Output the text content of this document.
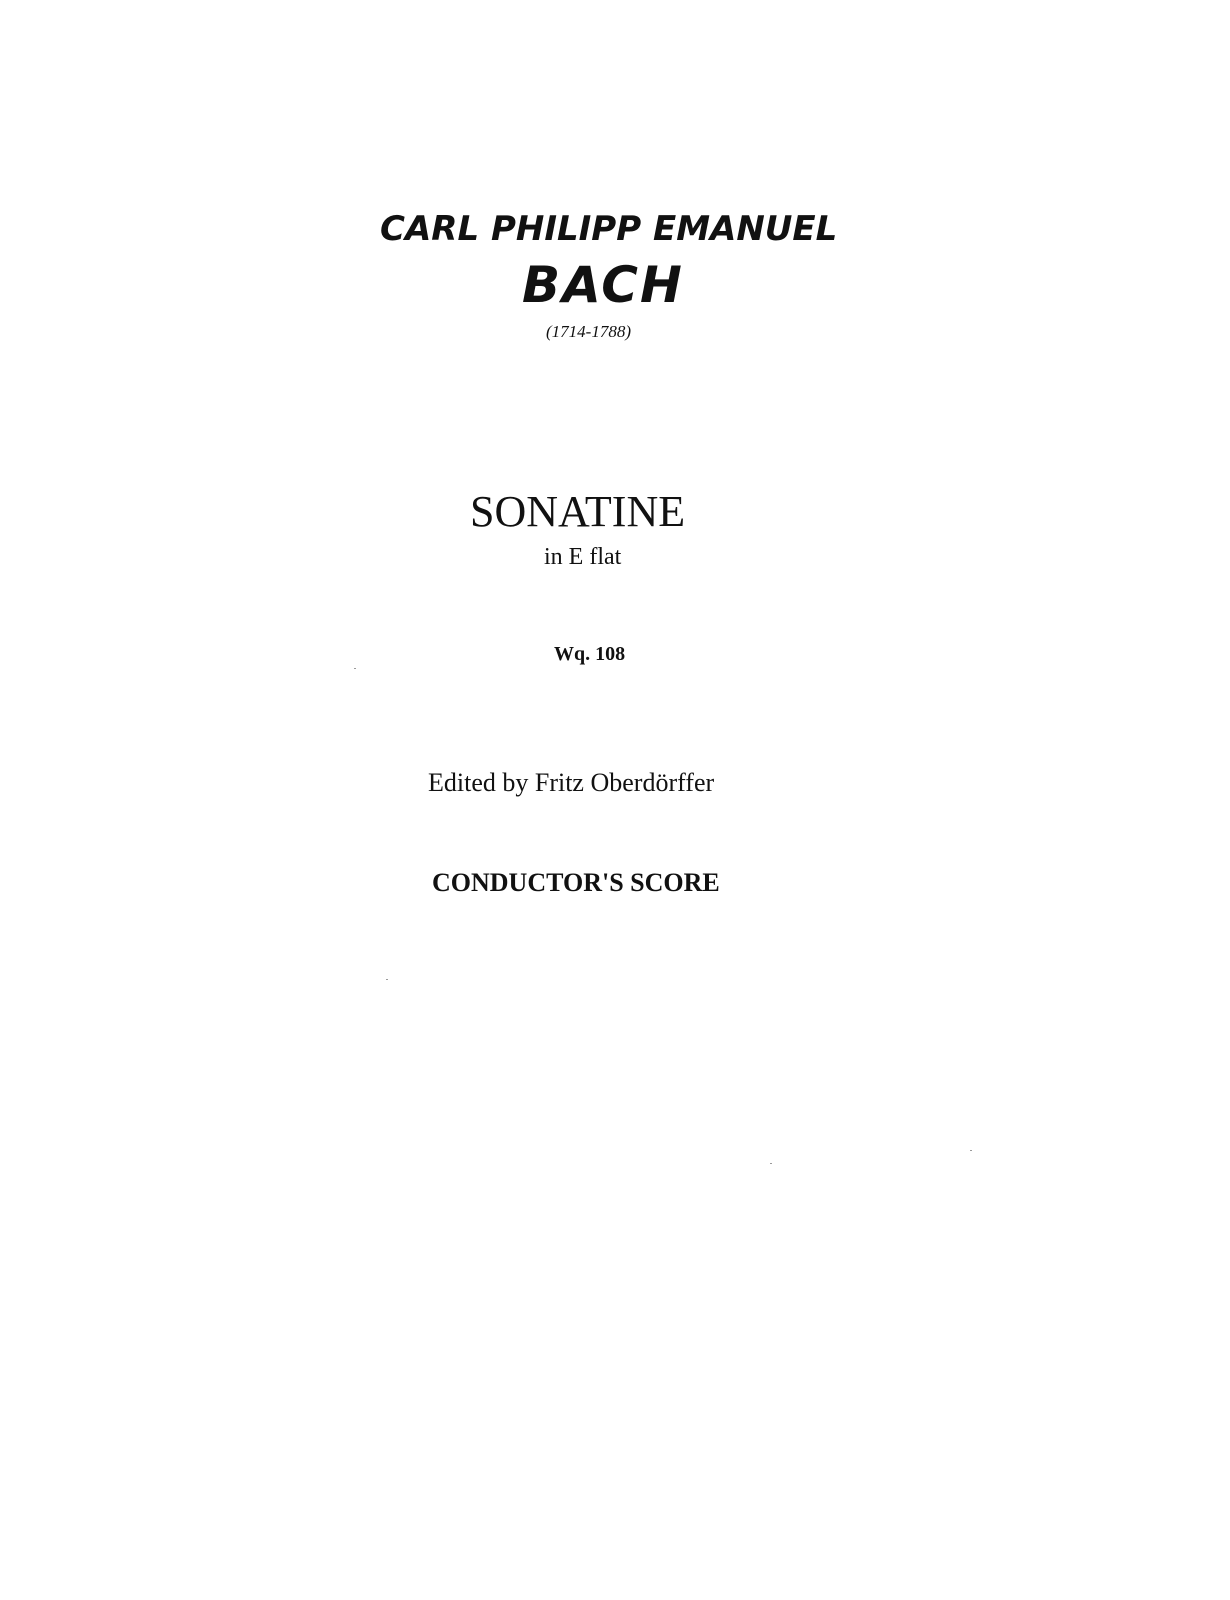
CARL PHILIPP EMANUEL

BACH

(1714-1788)

SONATINE

in E flat

Wq. 108

Edited by Fritz Oberdörffer

CONDUCTOR'S SCORE
